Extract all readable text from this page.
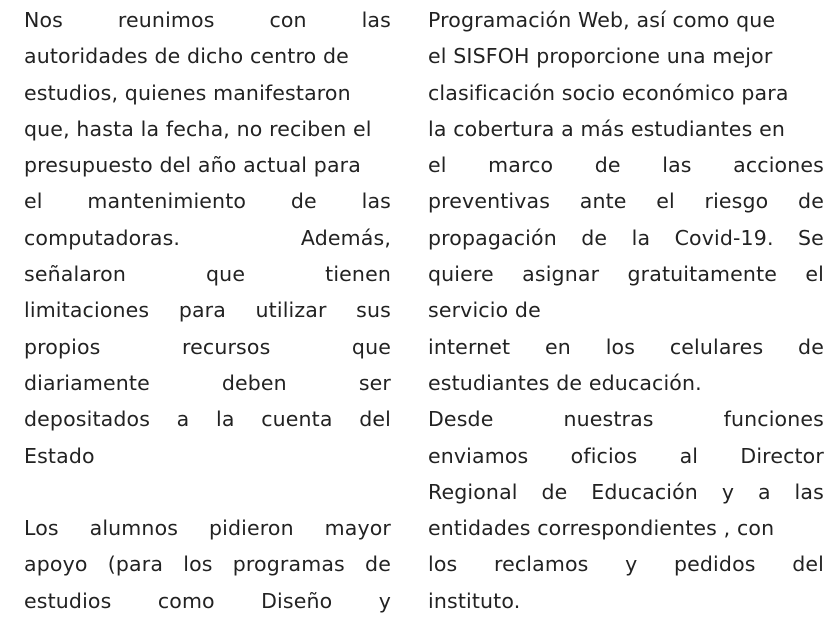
Nos	reunimos	con	las
autoridades de dicho centro de
estudios, quienes manifestaron
que, hasta la fecha, no reciben el
presupuesto del año actual para
el mantenimiento de las
computadoras.	Además,
señalaron	que	tienen
limitaciones para utilizar sus
propios	recursos	que
diariamente	deben	ser
depositados a la cuenta del
Estado
Los alumnos pidieron mayor
apoyo (para los programas de
estudios como Diseño y
Programación Web, así como que
el SISFOH proporcione una mejor
clasificación socio económico para
la cobertura a más estudiantes en
el marco de las acciones
preventivas ante el riesgo de
propagación de la Covid-19. Se
quiere asignar gratuitamente el
servicio de
internet en los celulares de
estudiantes de educación.
Desde	nuestras	funciones
enviamos oficios al Director
Regional de Educación y a las
entidades correspondientes , con
los reclamos y pedidos del
instituto.
